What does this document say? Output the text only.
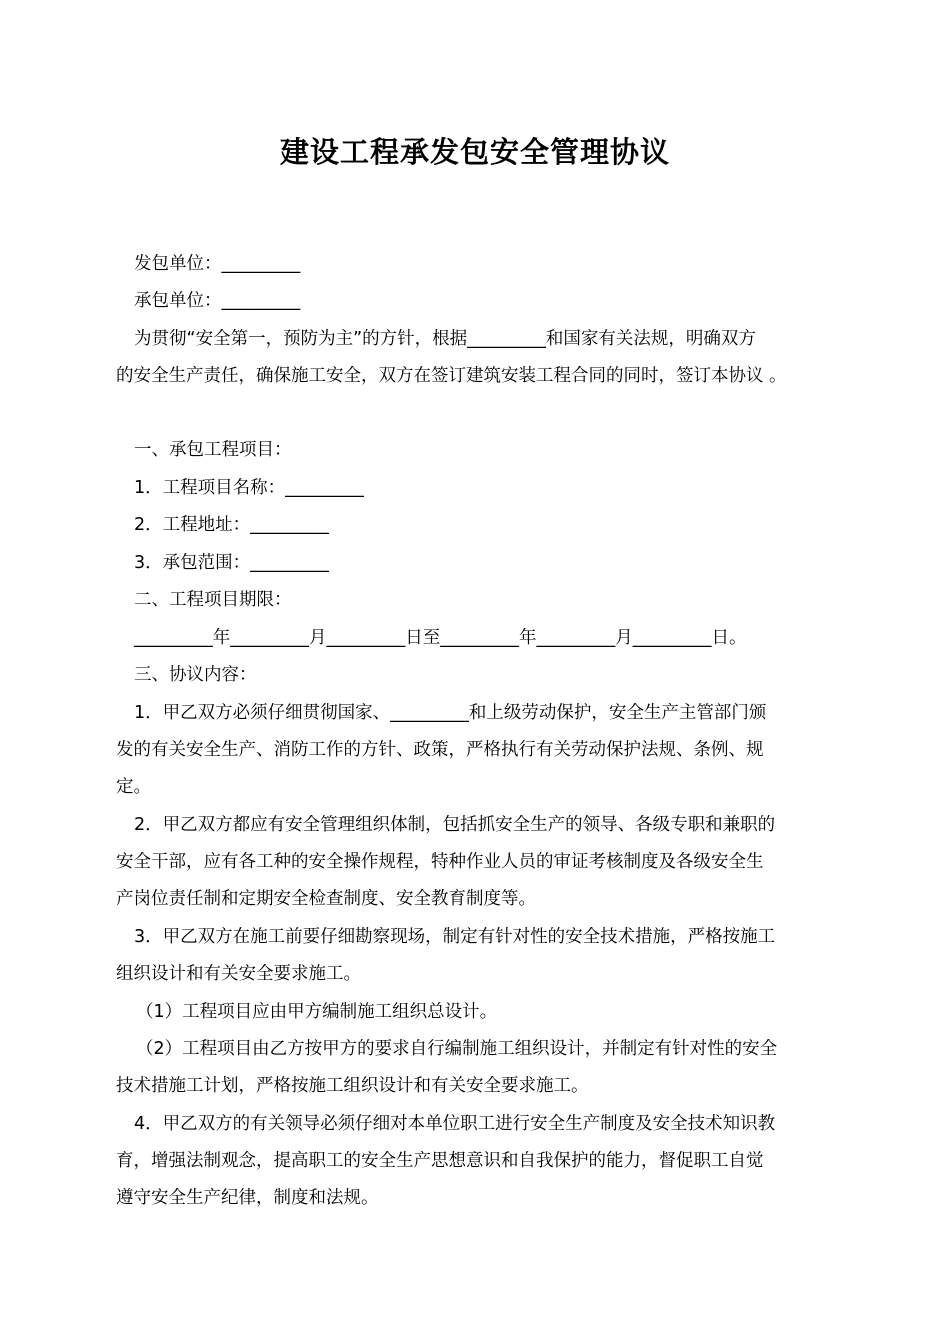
建设工程承发包安全管理协议
发包单位：_________
承包单位：_________
为贯彻“安全第一，预防为主”的方针，根据_________和国家有关法规，明确双方
的安全生产责任，确保施工安全，双方在签订建筑安装工程合同的同时，签订本协议 。
一、承包工程项目：
1．工程项目名称：_________
2．工程地址：_________
3．承包范围：_________
二、工程项目期限：
_________年_________月_________日至_________年_________月_________日。
三、协议内容：
1．甲乙双方必须仔细贯彻国家、_________和上级劳动保护，安全生产主管部门颁
发的有关安全生产、消防工作的方针、政策，严格执行有关劳动保护法规、条例、规
定。
2．甲乙双方都应有安全管理组织体制，包括抓安全生产的领导、各级专职和兼职的
安全干部，应有各工种的安全操作规程，特种作业人员的审证考核制度及各级安全生
产岗位责任制和定期安全检查制度、安全教育制度等。
3．甲乙双方在施工前要仔细勘察现场，制定有针对性的安全技术措施，严格按施工
组织设计和有关安全要求施工。
（1）工程项目应由甲方编制施工组织总设计。
（2）工程项目由乙方按甲方的要求自行编制施工组织设计，并制定有针对性的安全
技术措施工计划，严格按施工组织设计和有关安全要求施工。
4．甲乙双方的有关领导必须仔细对本单位职工进行安全生产制度及安全技术知识教
育，增强法制观念，提高职工的安全生产思想意识和自我保护的能力，督促职工自觉
遵守安全生产纪律，制度和法规。
